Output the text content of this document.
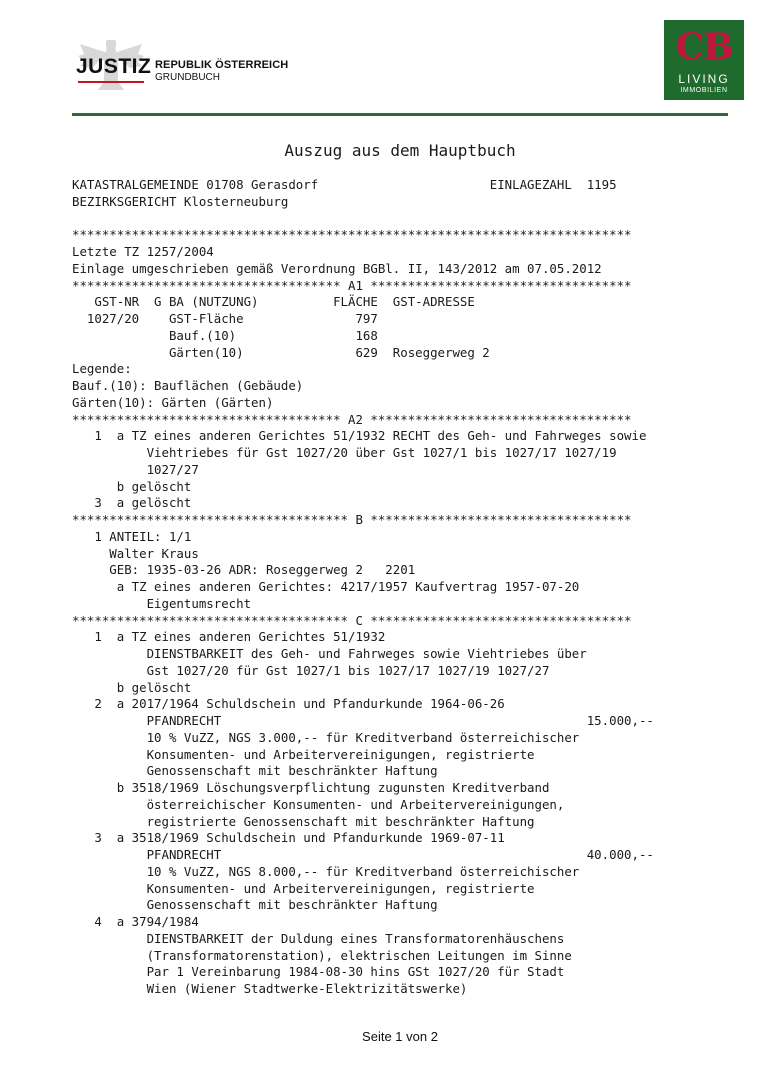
JUSTIZ REPUBLIK ÖSTERREICH
GRUNDBUCH
CB
LIVING
IMMOBILIEN
Auszug aus dem Hauptbuch
KATASTRALGEMEINDE 01708 Gerasdorf                       EINLAGEZAHL  1195
BEZIRKSGERICHT Klosterneuburg
***************************************************************************
Letzte TZ 1257/2004
Einlage umgeschrieben gemäß Verordnung BGBl. II, 143/2012 am 07.05.2012
************************************ A1 ***********************************
GST-NR  G BA (NUTZUNG)          FLÄCHE  GST-ADRESSE
1027/20    GST-Fläche               797
Bauf.(10)                168
Gärten(10)               629  Roseggerweg 2
Legende:
Bauf.(10): Bauflächen (Gebäude)
Gärten(10): Gärten (Gärten)
************************************ A2 ***********************************
1  a TZ eines anderen Gerichtes 51/1932 RECHT des Geh- und Fahrweges sowie
Viehtriebes für Gst 1027/20 über Gst 1027/1 bis 1027/17 1027/19
1027/27
b gelöscht
3  a gelöscht
************************************* B ***********************************
1 ANTEIL: 1/1
Walter Kraus
GEB: 1935-03-26 ADR: Roseggerweg 2   2201
a TZ eines anderen Gerichtes: 4217/1957 Kaufvertrag 1957-07-20
Eigentumsrecht
************************************* C ***********************************
1  a TZ eines anderen Gerichtes 51/1932
DIENSTBARKEIT des Geh- und Fahrweges sowie Viehtriebes über
Gst 1027/20 für Gst 1027/1 bis 1027/17 1027/19 1027/27
b gelöscht
2  a 2017/1964 Schuldschein und Pfandurkunde 1964-06-26
PFANDRECHT                                                 15.000,--
10 % VuZZ, NGS 3.000,-- für Kreditverband österreichischer
Konsumenten- und Arbeitervereinigungen, registrierte
Genossenschaft mit beschränkter Haftung
b 3518/1969 Löschungsverpflichtung zugunsten Kreditverband
österreichischer Konsumenten- und Arbeitervereinigungen,
registrierte Genossenschaft mit beschränkter Haftung
3  a 3518/1969 Schuldschein und Pfandurkunde 1969-07-11
PFANDRECHT                                                 40.000,--
10 % VuZZ, NGS 8.000,-- für Kreditverband österreichischer
Konsumenten- und Arbeitervereinigungen, registrierte
Genossenschaft mit beschränkter Haftung
4  a 3794/1984
DIENSTBARKEIT der Duldung eines Transformatorenhäuschens
(Transformatorenstation), elektrischen Leitungen im Sinne
Par 1 Vereinbarung 1984-08-30 hins GSt 1027/20 für Stadt
Wien (Wiener Stadtwerke-Elektrizitätswerke)
Seite 1 von 2
